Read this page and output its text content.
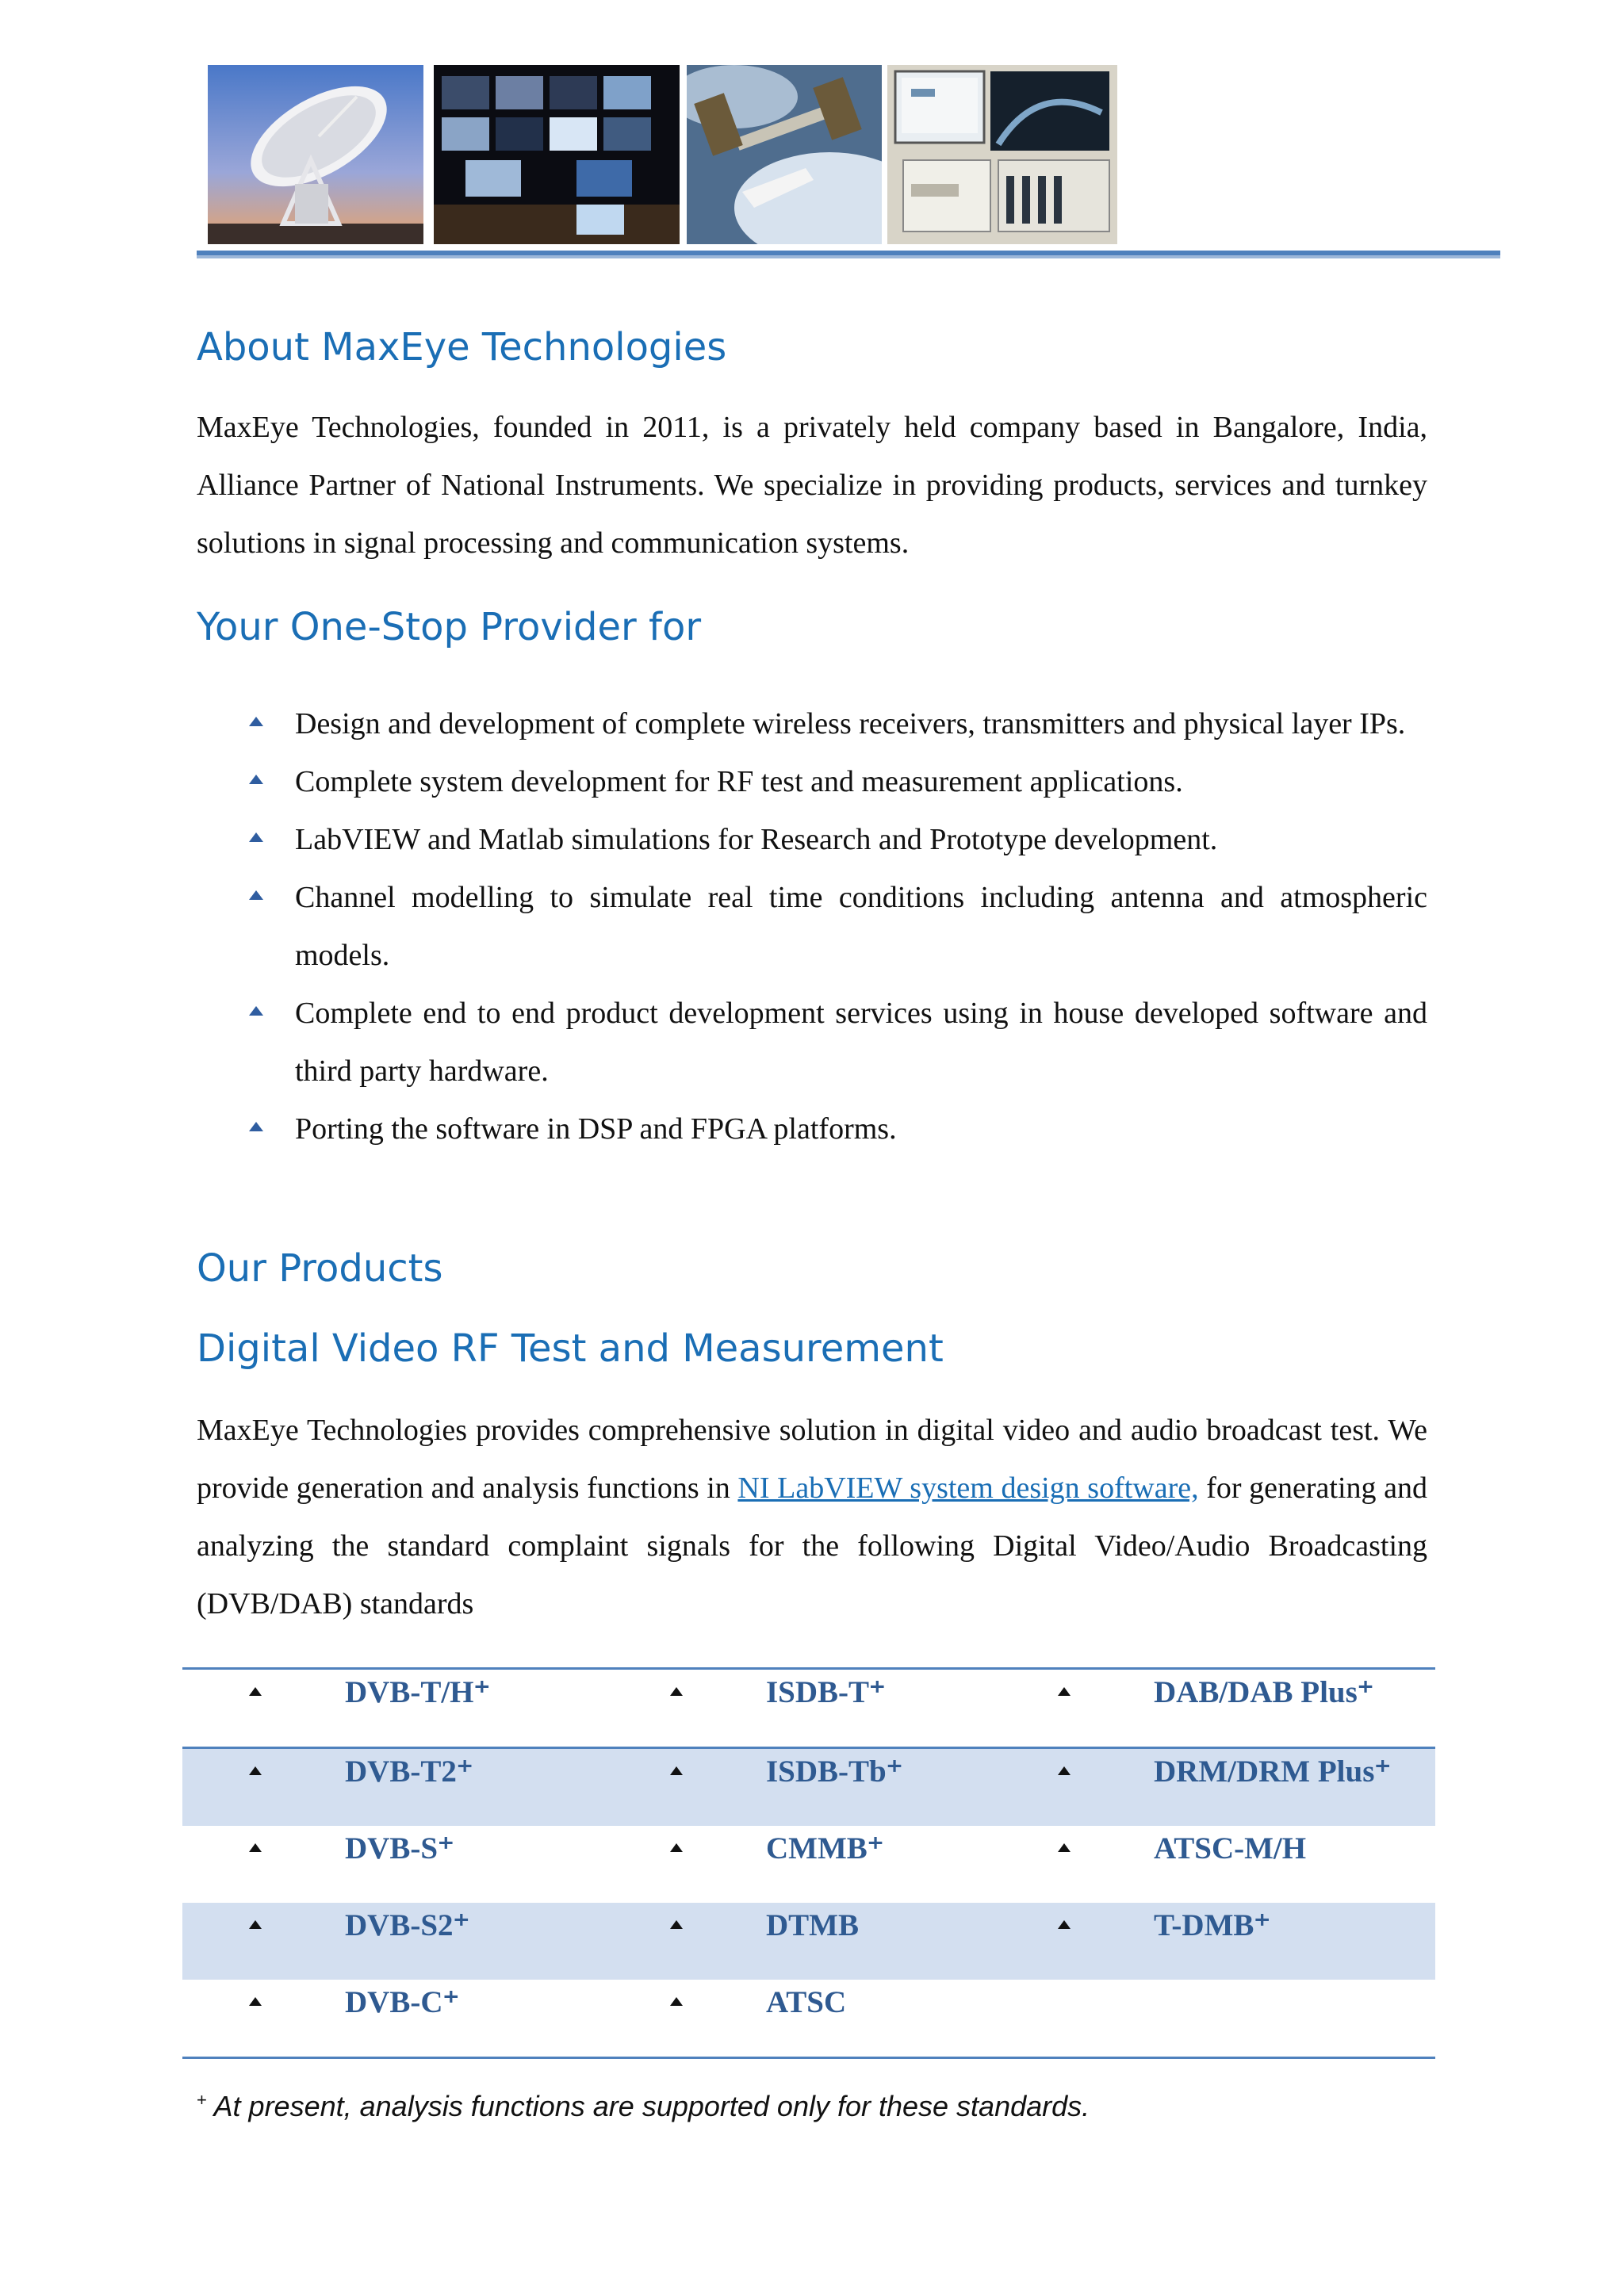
About MaxEye Technologies

MaxEye Technologies, founded in 2011, is a privately held company based in Bangalore, India, Alliance Partner of National Instruments. We specialize in providing products, services and turnkey solutions in signal processing and communication systems.

Your One-Stop Provider for
Design and development of complete wireless receivers, transmitters and physical layer IPs.
Complete system development for RF test and measurement applications.
LabVIEW and Matlab simulations for Research and Prototype development.
Channel modelling to simulate real time conditions including antenna and atmospheric models.
Complete end to end product development services using in house developed software and third party hardware.
Porting the software in DSP and FPGA platforms.
Our Products
Digital Video RF Test and Measurement

MaxEye Technologies provides comprehensive solution in digital video and audio broadcast test. We provide generation and analysis functions in NI LabVIEW system design software, for generating and analyzing the standard complaint signals for the following Digital Video/Audio Broadcasting (DVB/DAB) standards

DVB-T/H⁺	ISDB-T⁺	DAB/DAB Plus⁺
DVB-T2⁺	ISDB-Tb⁺	DRM/DRM Plus⁺
DVB-S⁺	CMMB⁺	ATSC-M/H
DVB-S2⁺	DTMB	T-DMB⁺
DVB-C⁺	ATSC
+ At present, analysis functions are supported only for these standards.
